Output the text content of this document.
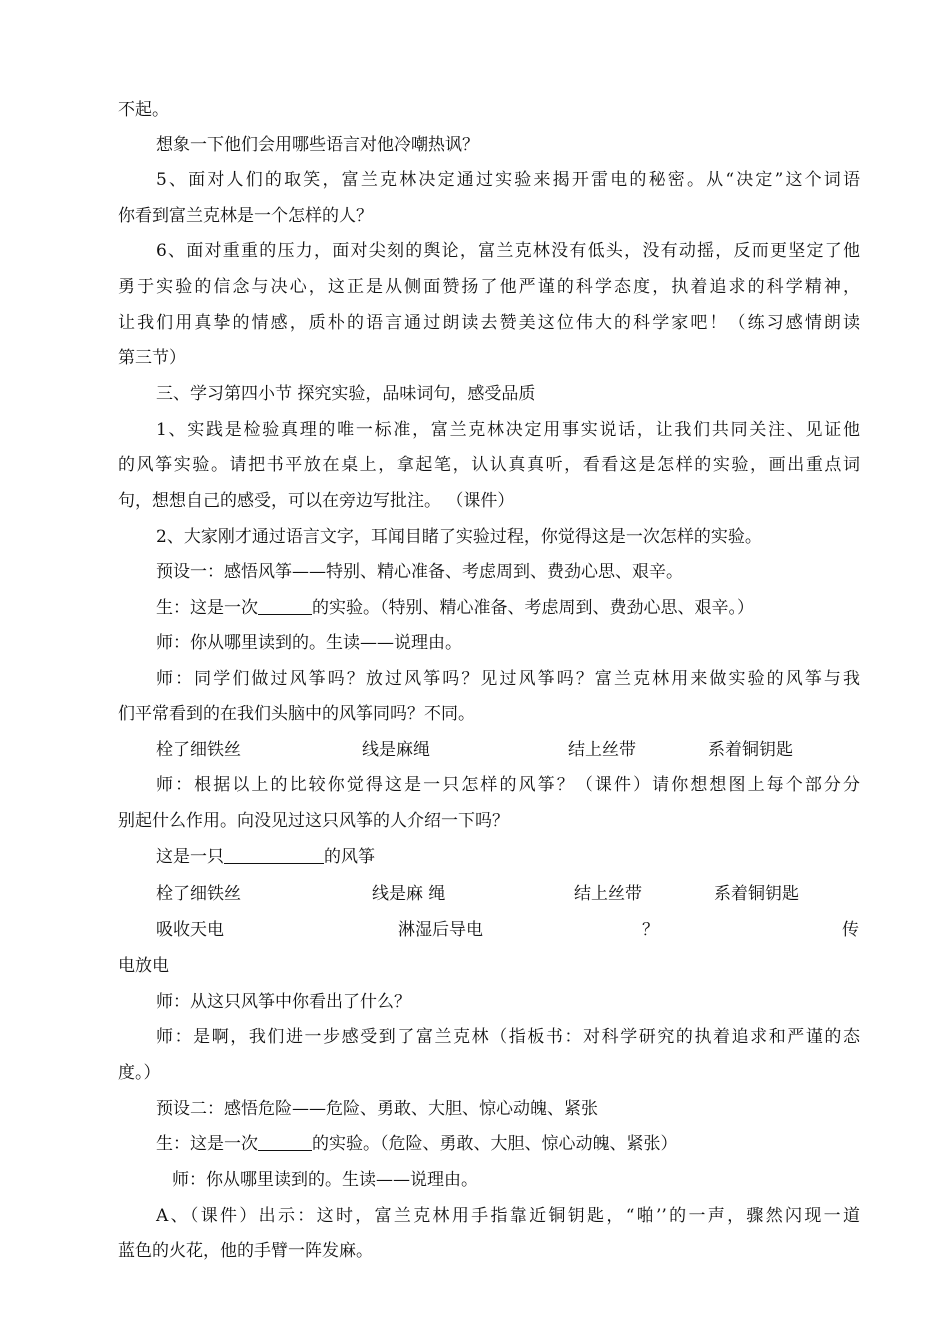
不起。
想象一下他们会用哪些语言对他冷嘲热讽？
5、面对人们的取笑，富兰克林决定通过实验来揭开雷电的秘密。从“决定”这个词语
你看到富兰克林是一个怎样的人？
6、面对重重的压力，面对尖刻的舆论，富兰克林没有低头，没有动摇，反而更坚定了他
勇于实验的信念与决心，这正是从侧面赞扬了他严谨的科学态度，执着追求的科学精神，
让我们用真挚的情感，质朴的语言通过朗读去赞美这位伟大的科学家吧！（练习感情朗读
第三节）
三、学习第四小节 探究实验，品味词句，感受品质
1、实践是检验真理的唯一标准，富兰克林决定用事实说话，让我们共同关注、见证他
的风筝实验。请把书平放在桌上，拿起笔，认认真真听，看看这是怎样的实验，画出重点词
句，想想自己的感受，可以在旁边写批注。 （课件）
2、大家刚才通过语言文字，耳闻目睹了实验过程，你觉得这是一次怎样的实验。
预设一：感悟风筝——特别、精心准备、考虑周到、费劲心思、艰辛。
生：这是一次	的实验。（特别、精心准备、考虑周到、费劲心思、艰辛。）
师：你从哪里读到的。生读——说理由。
师：同学们做过风筝吗？放过风筝吗？见过风筝吗？富兰克林用来做实验的风筝与我
们平常看到的在我们头脑中的风筝同吗？不同。
栓了细铁丝	线是麻绳	结上丝带	系着铜钥匙
师：根据以上的比较你觉得这是一只怎样的风筝？（课件）请你想想图上每个部分分
别起什么作用。向没见过这只风筝的人介绍一下吗？
这是一只	的风筝
栓了细铁丝	线是麻 绳	结上丝带	系着铜钥匙
吸收天电	淋湿后导电	？	传
电放电
师：从这只风筝中你看出了什么？
师：是啊，我们进一步感受到了富兰克林（指板书：对科学研究的执着追求和严谨的态
度。）
预设二：感悟危险——危险、勇敢、大胆、惊心动魄、紧张
生：这是一次	的实验。（危险、勇敢、大胆、惊心动魄、紧张）
师：你从哪里读到的。生读——说理由。
A、（课件）出示：这时，富兰克林用手指靠近铜钥匙，“啪’’的一声，骤然闪现一道
蓝色的火花，他的手臂一阵发麻。
